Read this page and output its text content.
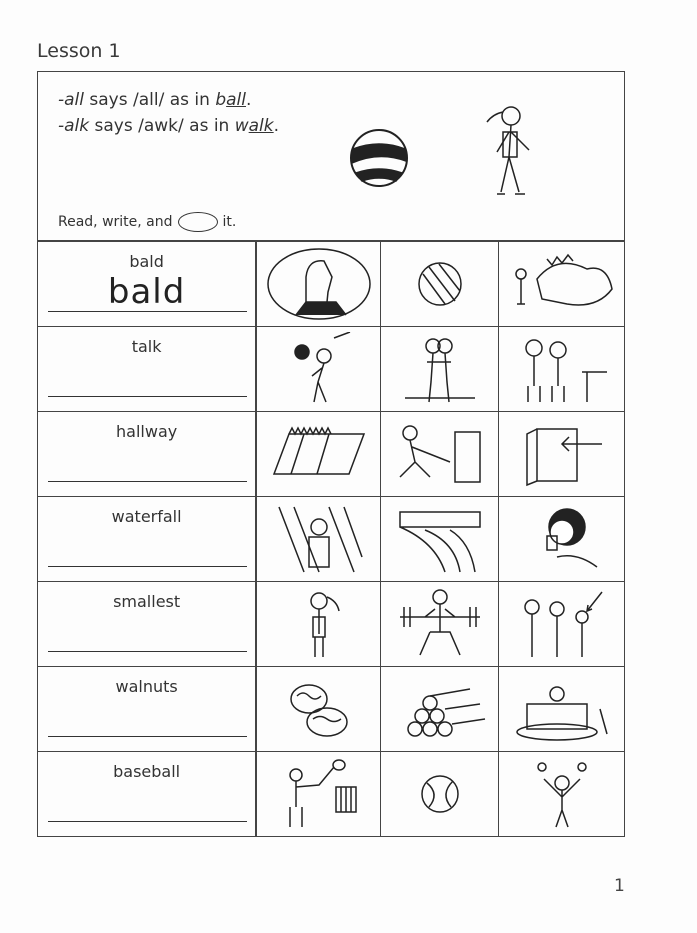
Lesson 1
-all says /all/ as in ball.
-alk says /awk/ as in walk.
Read, write, and	it.
bald
bald
talk
hallway
waterfall
smallest
walnuts
baseball
1
